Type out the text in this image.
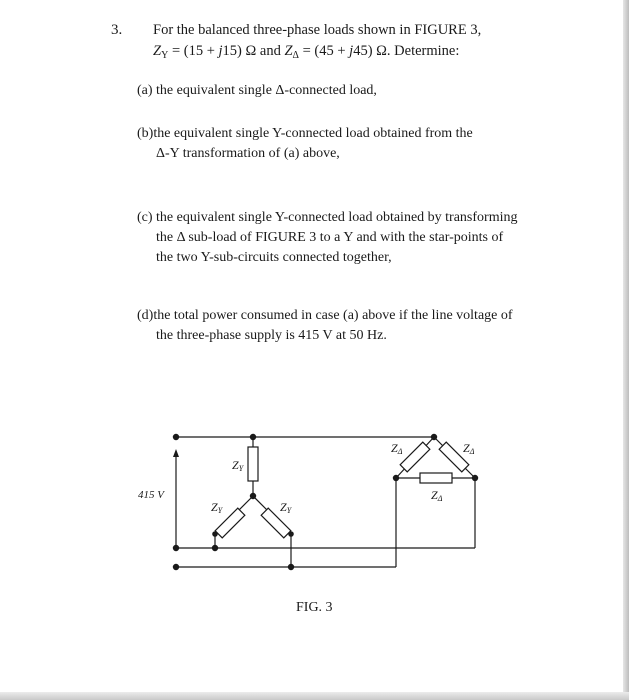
3. For the balanced three-phase loads shown in FIGURE 3,
$Z_Y = (15 + j15)$ Ω and $Z_\Delta = (45 + j45)$ Ω. Determine:
(a) the equivalent single Δ-connected load,
(b)the equivalent single Y-connected load obtained from the
Δ-Y transformation of (a) above,
(c) the equivalent single Y-connected load obtained by transforming
the Δ sub-load of FIGURE 3 to a Y and with the star-points of
the two Y-sub-circuits connected together,
(d)the total power consumed in case (a) above if the line voltage of
the three-phase supply is 415 V at 50 Hz.
415 V
ZY
ZY	ZY
ZΔ	ZΔ
ZΔ
FIG. 3
